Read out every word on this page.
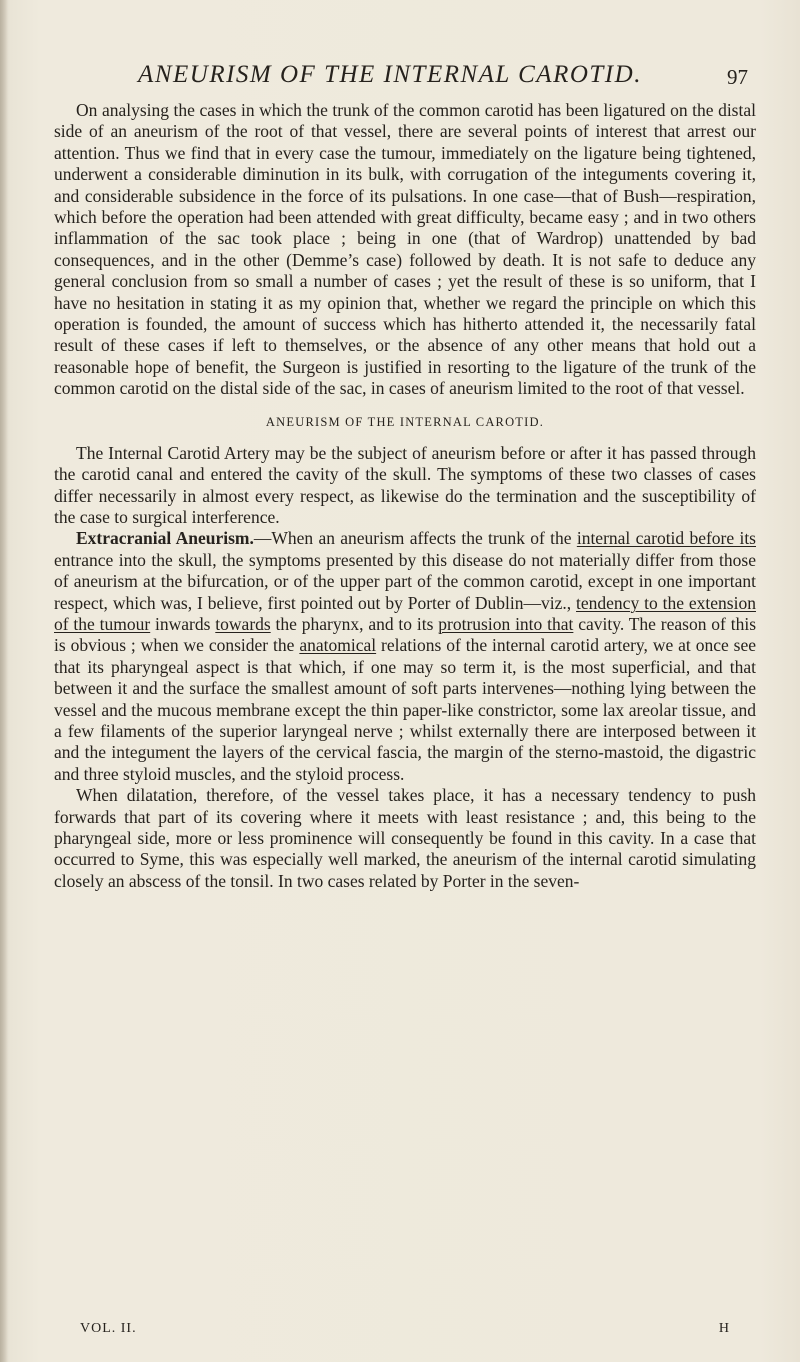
ANEURISM OF THE INTERNAL CAROTID.	97

On analysing the cases in which the trunk of the common carotid has been ligatured on the distal side of an aneurism of the root of that vessel, there are several points of interest that arrest our attention. Thus we find that in every case the tumour, immediately on the ligature being tightened, underwent a considerable diminution in its bulk, with corrugation of the integuments covering it, and considerable subsidence in the force of its pulsations. In one case—that of Bush—respiration, which before the operation had been attended with great difficulty, became easy ; and in two others inflammation of the sac took place ; being in one (that of Wardrop) unattended by bad consequences, and in the other (Demme’s case) followed by death. It is not safe to deduce any general conclusion from so small a number of cases ; yet the result of these is so uniform, that I have no hesitation in stating it as my opinion that, whether we regard the principle on which this operation is founded, the amount of success which has hitherto attended it, the necessarily fatal result of these cases if left to themselves, or the absence of any other means that hold out a reasonable hope of benefit, the Surgeon is justified in resorting to the ligature of the trunk of the common carotid on the distal side of the sac, in cases of aneurism limited to the root of that vessel.

ANEURISM OF THE INTERNAL CAROTID.

The Internal Carotid Artery may be the subject of aneurism before or after it has passed through the carotid canal and entered the cavity of the skull. The symptoms of these two classes of cases differ necessarily in almost every respect, as likewise do the termination and the susceptibility of the case to surgical interference.

Extracranial Aneurism.—When an aneurism affects the trunk of the internal carotid before its entrance into the skull, the symptoms presented by this disease do not materially differ from those of aneurism at the bifurcation, or of the upper part of the common carotid, except in one important respect, which was, I believe, first pointed out by Porter of Dublin—viz., tendency to the extension of the tumour inwards towards the pharynx, and to its protrusion into that cavity. The reason of this is obvious ; when we consider the anatomical relations of the internal carotid artery, we at once see that its pharyngeal aspect is that which, if one may so term it, is the most superficial, and that between it and the surface the smallest amount of soft parts intervenes—nothing lying between the vessel and the mucous membrane except the thin paper-like constrictor, some lax areolar tissue, and a few filaments of the superior laryngeal nerve ; whilst externally there are interposed between it and the integument the layers of the cervical fascia, the margin of the sterno-mastoid, the digastric and three styloid muscles, and the styloid process.

When dilatation, therefore, of the vessel takes place, it has a necessary tendency to push forwards that part of its covering where it meets with least resistance ; and, this being to the pharyngeal side, more or less prominence will consequently be found in this cavity. In a case that occurred to Syme, this was especially well marked, the aneurism of the internal carotid simulating closely an abscess of the tonsil. In two cases related by Porter in the seven-

VOL. II.	H
